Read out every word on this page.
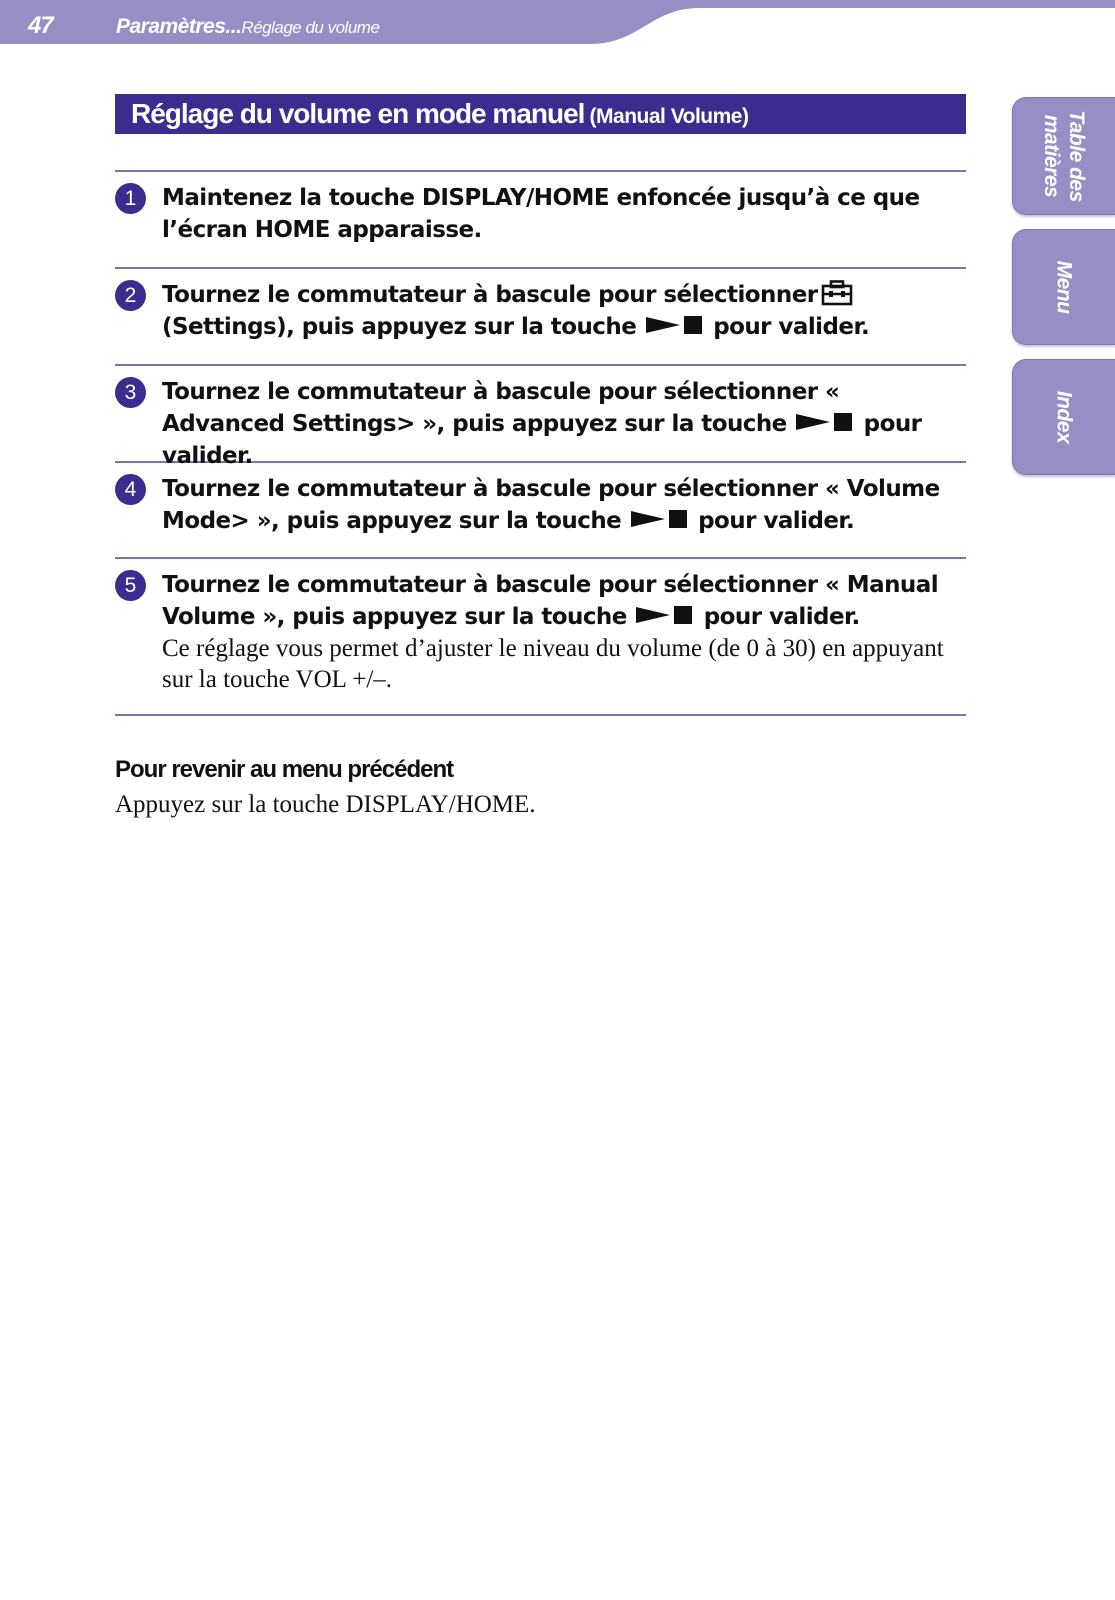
47	Paramètres...Réglage du volume
Table des
matières
Menu
Index
Réglage du volume en mode manuel (Manual Volume)
1	Maintenez la touche DISPLAY/HOME enfoncée jusqu’à ce que l’écran HOME apparaisse.
2	Tournez le commutateur à bascule pour sélectionner (Settings), puis appuyez sur la touche	pour valider.
3	Tournez le commutateur à bascule pour sélectionner « Advanced Settings> », puis appuyez sur la touche	pour valider.
4	Tournez le commutateur à bascule pour sélectionner « Volume Mode> », puis appuyez sur la touche	pour valider.
5	Tournez le commutateur à bascule pour sélectionner « Manual Volume », puis appuyez sur la touche	pour valider.
Ce réglage vous permet d’ajuster le niveau du volume (de 0 à 30) en appuyant sur la touche VOL +/–.
Pour revenir au menu précédent
Appuyez sur la touche DISPLAY/HOME.
